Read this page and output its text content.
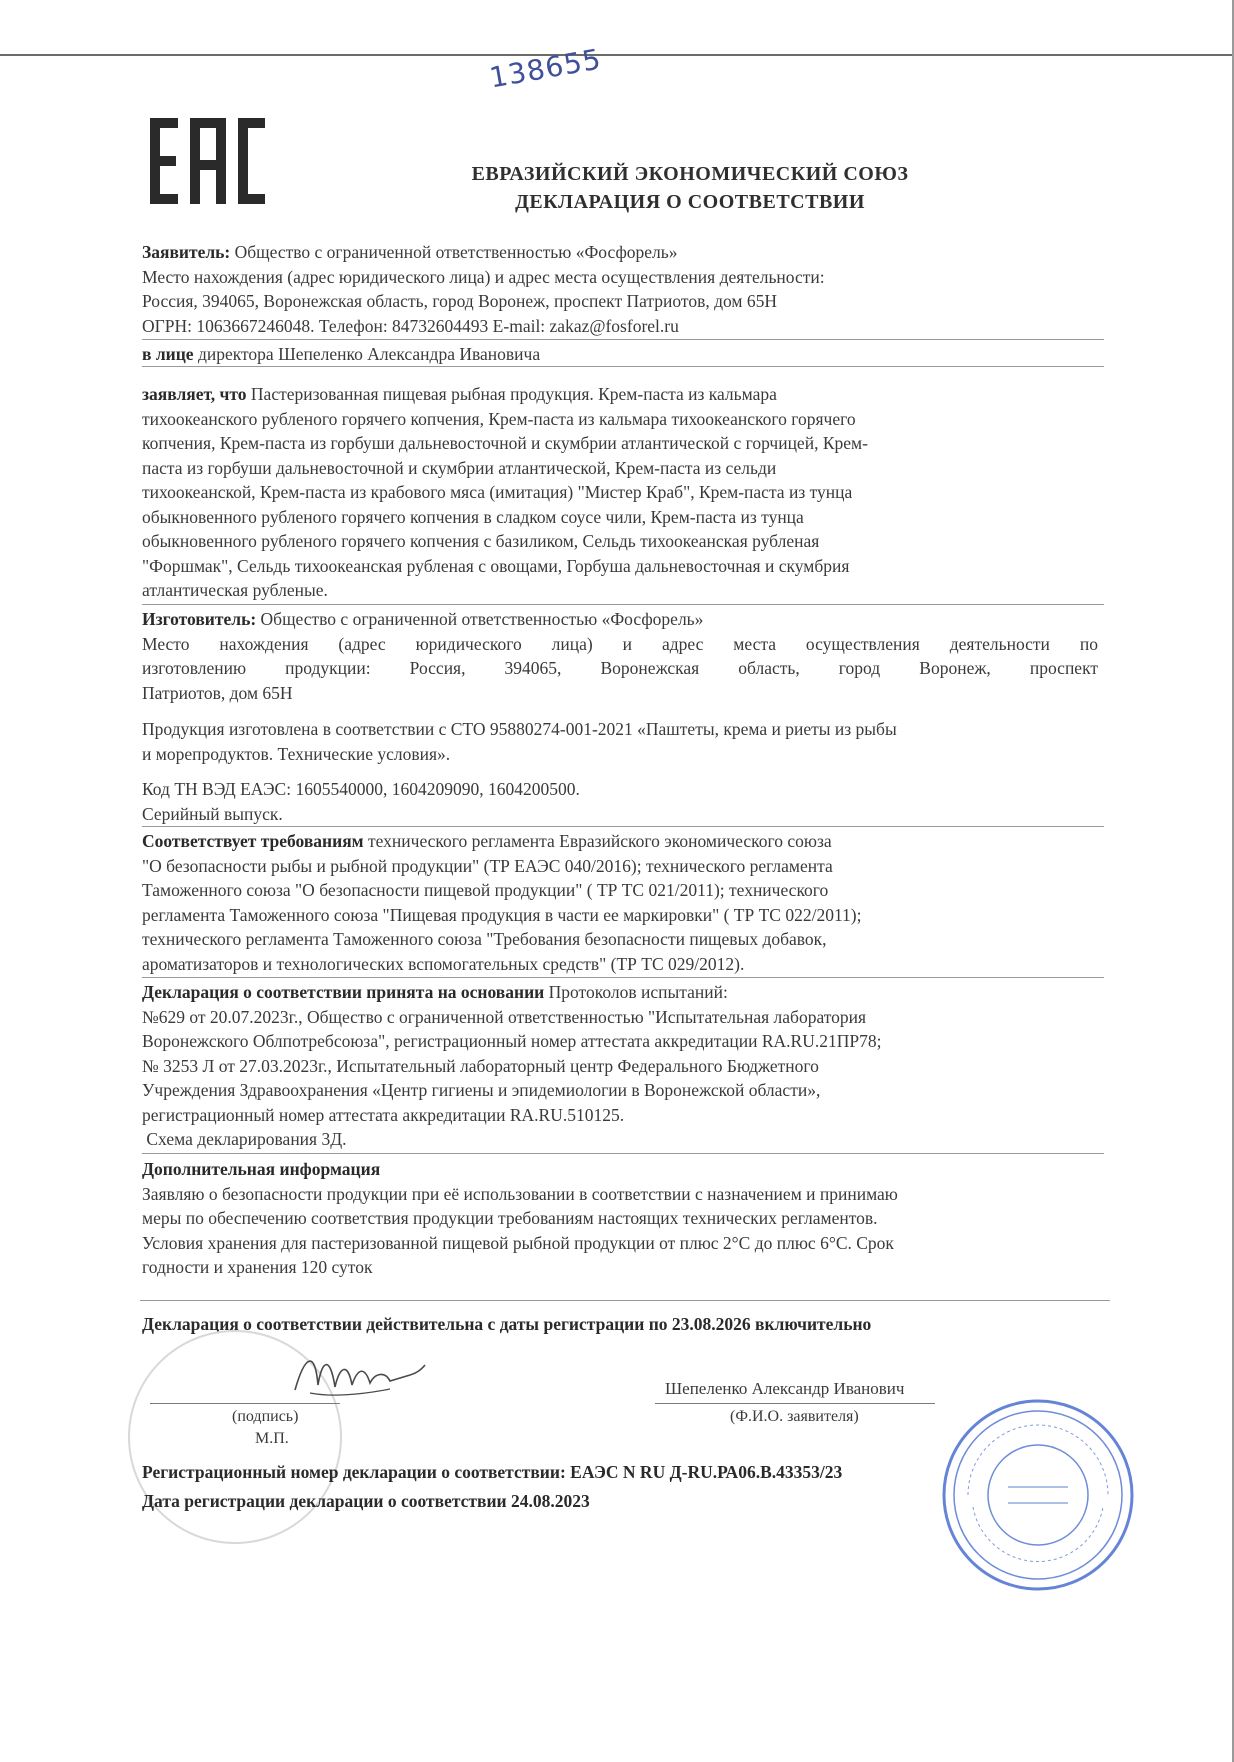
138655
ЕВРАЗИЙСКИЙ ЭКОНОМИЧЕСКИЙ СОЮЗ
ДЕКЛАРАЦИЯ О СООТВЕТСТВИИ
Заявитель: Общество с ограниченной ответственностью «Фосфорель»
Место нахождения (адрес юридического лица) и адрес места осуществления деятельности:
Россия, 394065, Воронежская область, город Воронеж, проспект Патриотов, дом 65Н
ОГРН: 1063667246048. Телефон: 84732604493 E-mail: zakaz@fosforel.ru
в лице директора Шепеленко Александра Ивановича
заявляет, что Пастеризованная пищевая рыбная продукция. Крем-паста из кальмара
тихоокеанского рубленого горячего копчения, Крем-паста из кальмара тихоокеанского горячего
копчения, Крем-паста из горбуши дальневосточной и скумбрии атлантической с горчицей, Крем-
паста из горбуши дальневосточной и скумбрии атлантической, Крем-паста из сельди
тихоокеанской, Крем-паста из крабового мяса (имитация) "Мистер Краб", Крем-паста из тунца
обыкновенного рубленого горячего копчения в сладком соусе чили, Крем-паста из тунца
обыкновенного рубленого горячего копчения с базиликом, Сельдь тихоокеанская рубленая
"Форшмак", Сельдь тихоокеанская рубленая с овощами, Горбуша дальневосточная и скумбрия
атлантическая рубленые.
Изготовитель: Общество с ограниченной ответственностью «Фосфорель»
Место нахождения (адрес юридического лица) и адрес места осуществления деятельности по
изготовлению продукции: Россия, 394065, Воронежская область, город Воронеж, проспект
Патриотов, дом 65Н
Продукция изготовлена в соответствии с СТО 95880274-001-2021 «Паштеты, крема и риеты из рыбы
и морепродуктов. Технические условия».
Код ТН ВЭД ЕАЭС: 1605540000, 1604209090, 1604200500.
Серийный выпуск.
Соответствует требованиям технического регламента Евразийского экономического союза
"О безопасности рыбы и рыбной продукции" (ТР ЕАЭС 040/2016); технического регламента
Таможенного союза "О безопасности пищевой продукции" ( ТР ТС 021/2011); технического
регламента Таможенного союза "Пищевая продукция в части ее маркировки" ( ТР ТС 022/2011);
технического регламента Таможенного союза "Требования безопасности пищевых добавок,
ароматизаторов и технологических вспомогательных средств" (ТР ТС 029/2012).
Декларация о соответствии принята на основании Протоколов испытаний:
№629 от 20.07.2023г., Общество с ограниченной ответственностью "Испытательная лаборатория
Воронежского Облпотребсоюза", регистрационный номер аттестата аккредитации RA.RU.21ПР78;
№ 3253 Л от 27.03.2023г., Испытательный лабораторный центр Федерального Бюджетного
Учреждения Здравоохранения «Центр гигиены и эпидемиологии в Воронежской области»,
регистрационный номер аттестата аккредитации RA.RU.510125.
Схема декларирования 3Д.
Дополнительная информация
Заявляю о безопасности продукции при её использовании в соответствии с назначением и принимаю
меры по обеспечению соответствия продукции требованиям настоящих технических регламентов.
Условия хранения для пастеризованной пищевой рыбной продукции от плюс 2°С до плюс 6°С. Срок
годности и хранения 120 суток
Декларация о соответствии действительна с даты регистрации по 23.08.2026 включительно
(подпись)
М.П.
Шепеленко Александр Иванович
(Ф.И.О. заявителя)
Регистрационный номер декларации о соответствии: ЕАЭС N RU Д-RU.РА06.В.43353/23
Дата регистрации декларации о соответствии 24.08.2023
